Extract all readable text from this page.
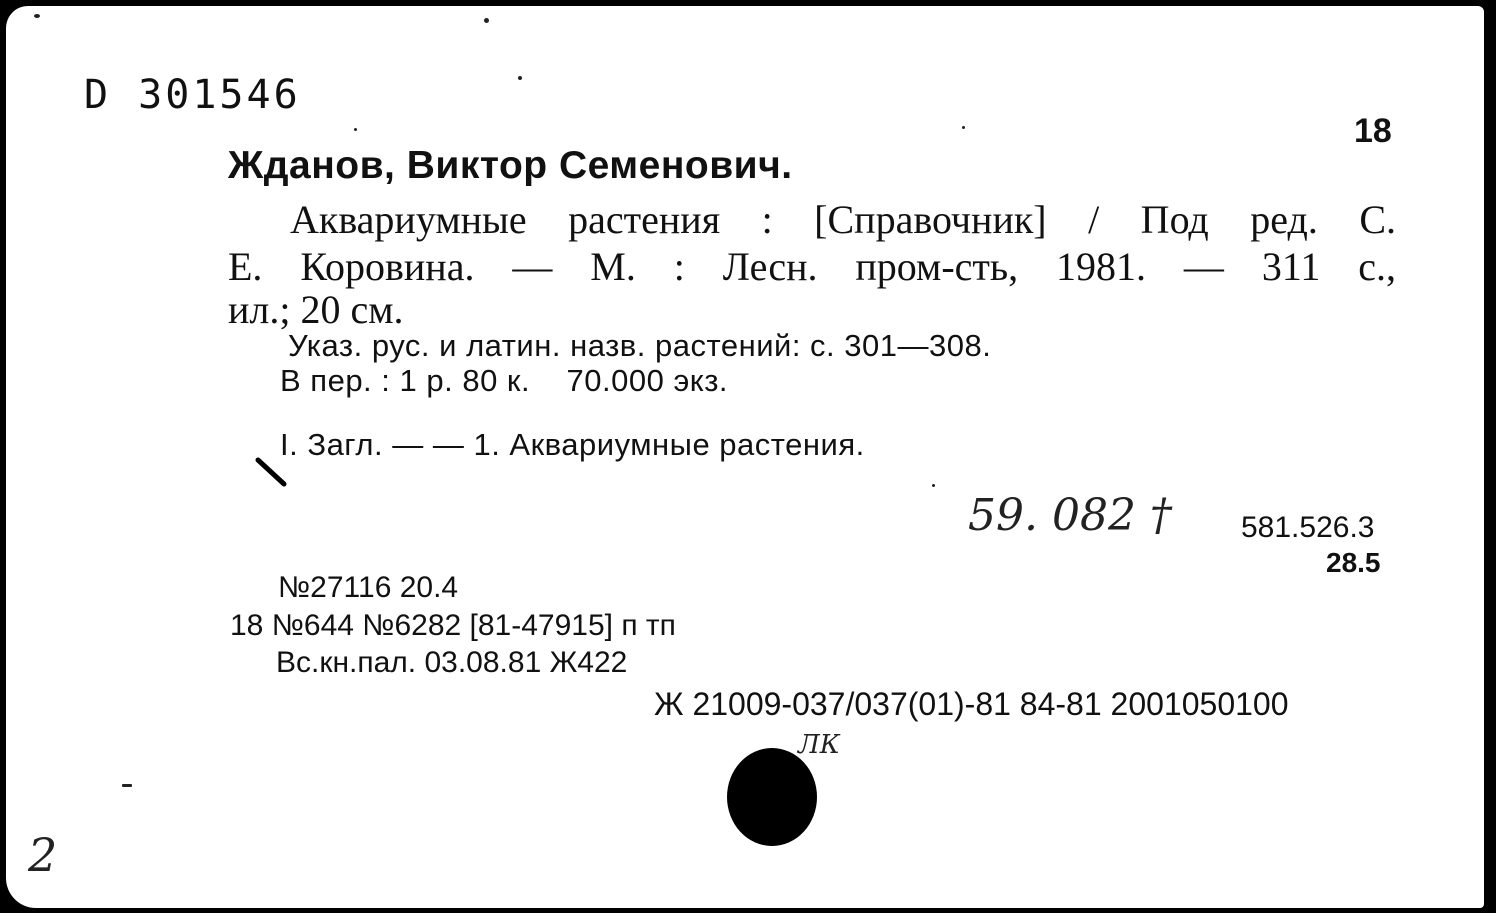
D 301546
18
Жданов, Виктор Семенович.
Аквариумные растения : [Справочник] / Под ред. С.
Е. Коровина. — М. : Лесн. пром-сть, 1981. — 311 с.,
ил.; 20 см.
Указ. рус. и латин. назв. растений: с. 301—308.
В пер. : 1 р. 80 к.    70.000 экз.
I. Загл. — — 1. Аквариумные растения.
59. 082 † 581.526.3
28.5
№27116 20.4
18 №644 №6282 [81-47915] п тп
Вс.кн.пал. 03.08.81 Ж422
Ж 21009-037/037(01)-81 84-81 2001050100
ЛК
2
